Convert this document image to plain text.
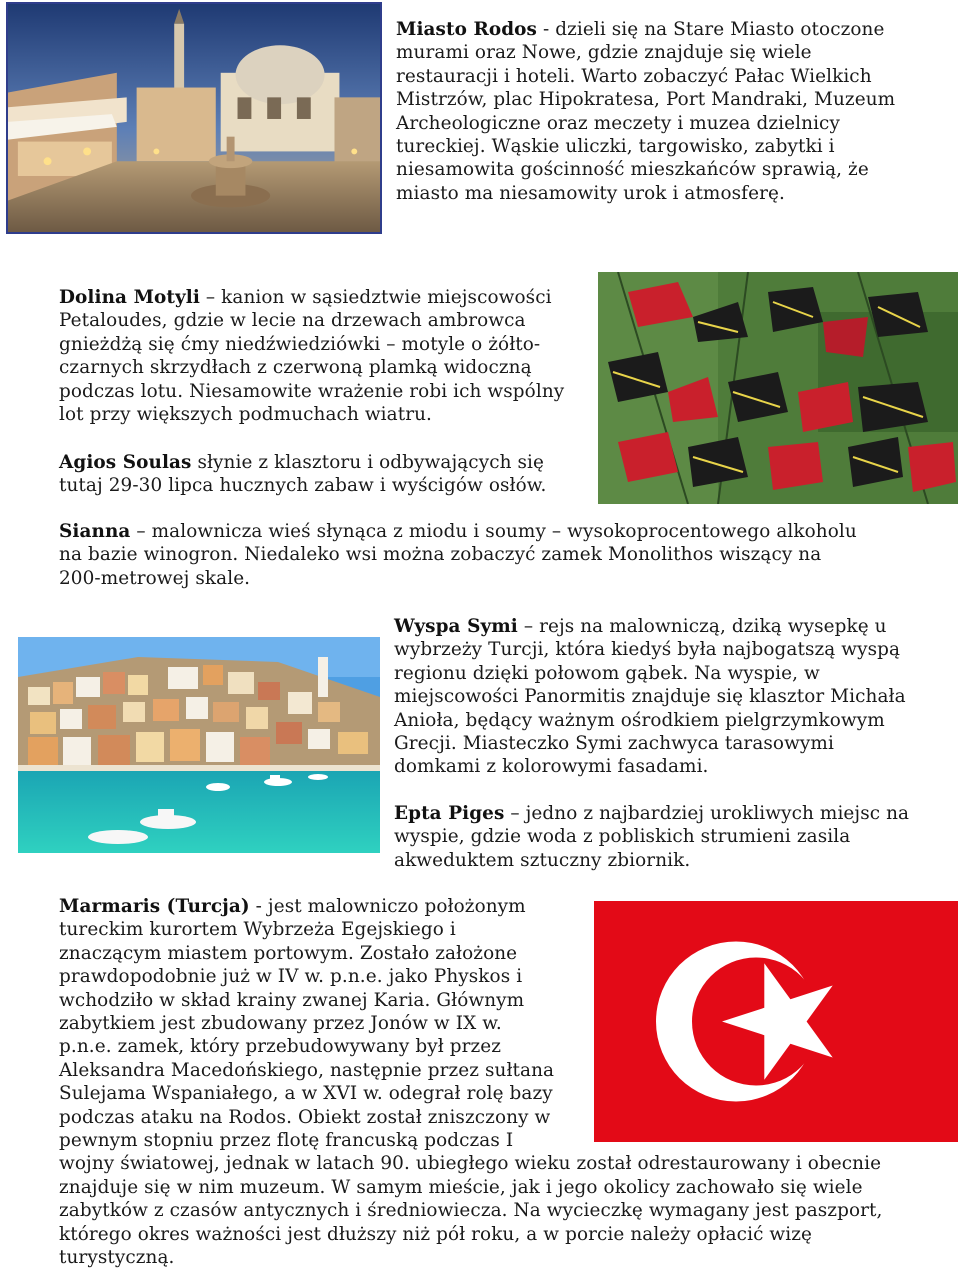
Miasto Rodos - dzieli się na Stare Miasto otoczone murami oraz Nowe, gdzie znajduje się wiele restauracji i hoteli. Warto zobaczyć Pałac Wielkich Mistrzów, plac Hipokratesa, Port Mandraki, Muzeum Archeologiczne oraz meczety i muzea dzielnicy tureckiej. Wąskie uliczki, targowisko, zabytki i niesamowita gościnność mieszkańców sprawią, że miasto ma niesamowity urok i atmosferę.

Dolina Motyli – kanion w sąsiedztwie miejscowości Petaloudes, gdzie w lecie na drzewach ambrowca gnieżdżą się ćmy niedźwiedziówki – motyle o żółto-czarnych skrzydłach z czerwoną plamką widoczną podczas lotu. Niesamowite wrażenie robi ich wspólny lot przy większych podmuchach wiatru.

Agios Soulas słynie z klasztoru i odbywających się tutaj 29-30 lipca hucznych zabaw i wyścigów osłów.

Sianna – malownicza wieś słynąca z miodu i soumy – wysokoprocentowego alkoholu na bazie winogron. Niedaleko wsi można zobaczyć zamek Monolithos wiszący na 200-metrowej skale.

Wyspa Symi – rejs na malowniczą, dziką wysepkę u wybrzeży Turcji, która kiedyś była najbogatszą wyspą regionu dzięki połowom gąbek. Na wyspie, w miejscowości Panormitis znajduje się klasztor Michała Anioła, będący ważnym ośrodkiem pielgrzymkowym Grecji. Miasteczko Symi zachwyca tarasowymi domkami z kolorowymi fasadami.

Epta Piges – jedno z najbardziej urokliwych miejsc na wyspie, gdzie woda z pobliskich strumieni zasila akweduktem sztuczny zbiornik.

Marmaris (Turcja) - jest malowniczo położonym
tureckim kurortem Wybrzeża Egejskiego i
znaczącym miastem portowym. Zostało założone
prawdopodobnie już w IV w. p.n.e. jako Physkos i
wchodziło w skład krainy zwanej Karia. Głównym
zabytkiem jest zbudowany przez Jonów w IX w.
p.n.e. zamek, który przebudowywany był przez
Aleksandra Macedońskiego, następnie przez sułtana
Sulejama Wspaniałego, a w XVI w. odegrał rolę bazy
podczas ataku na Rodos. Obiekt został zniszczony w
pewnym stopniu przez flotę francuską podczas I
wojny światowej, jednak w latach 90. ubiegłego wieku został odrestaurowany i obecnie
znajduje się w nim muzeum. W samym mieście, jak i jego okolicy zachowało się wiele
zabytków z czasów antycznych i średniowiecza. Na wycieczkę wymagany jest paszport,
którego okres ważności jest dłuższy niż pół roku, a w porcie należy opłacić wizę
turystyczną.
